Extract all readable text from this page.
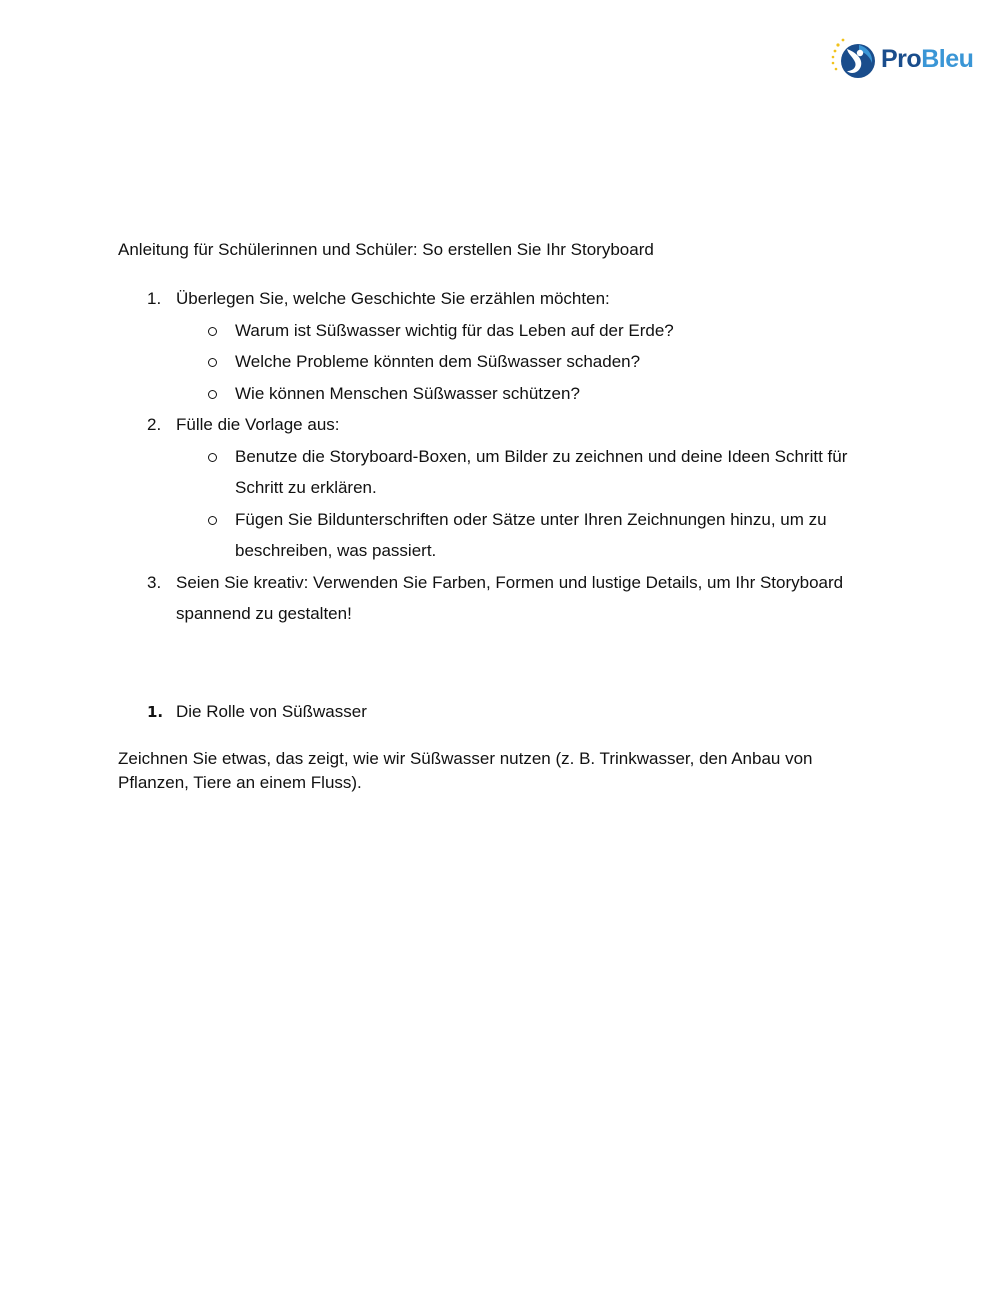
ProBleu

Anleitung für Schülerinnen und Schüler: So erstellen Sie Ihr Storyboard

1. Überlegen Sie, welche Geschichte Sie erzählen möchten:
Warum ist Süßwasser wichtig für das Leben auf der Erde?
Welche Probleme könnten dem Süßwasser schaden?
Wie können Menschen Süßwasser schützen?
2. Fülle die Vorlage aus:
Benutze die Storyboard-Boxen, um Bilder zu zeichnen und deine Ideen Schritt für Schritt zu erklären.
Fügen Sie Bildunterschriften oder Sätze unter Ihren Zeichnungen hinzu, um zu beschreiben, was passiert.
3. Seien Sie kreativ: Verwenden Sie Farben, Formen und lustige Details, um Ihr Storyboard spannend zu gestalten!
1. Die Rolle von Süßwasser

Zeichnen Sie etwas, das zeigt, wie wir Süßwasser nutzen (z. B. Trinkwasser, den Anbau von Pflanzen, Tiere an einem Fluss).
